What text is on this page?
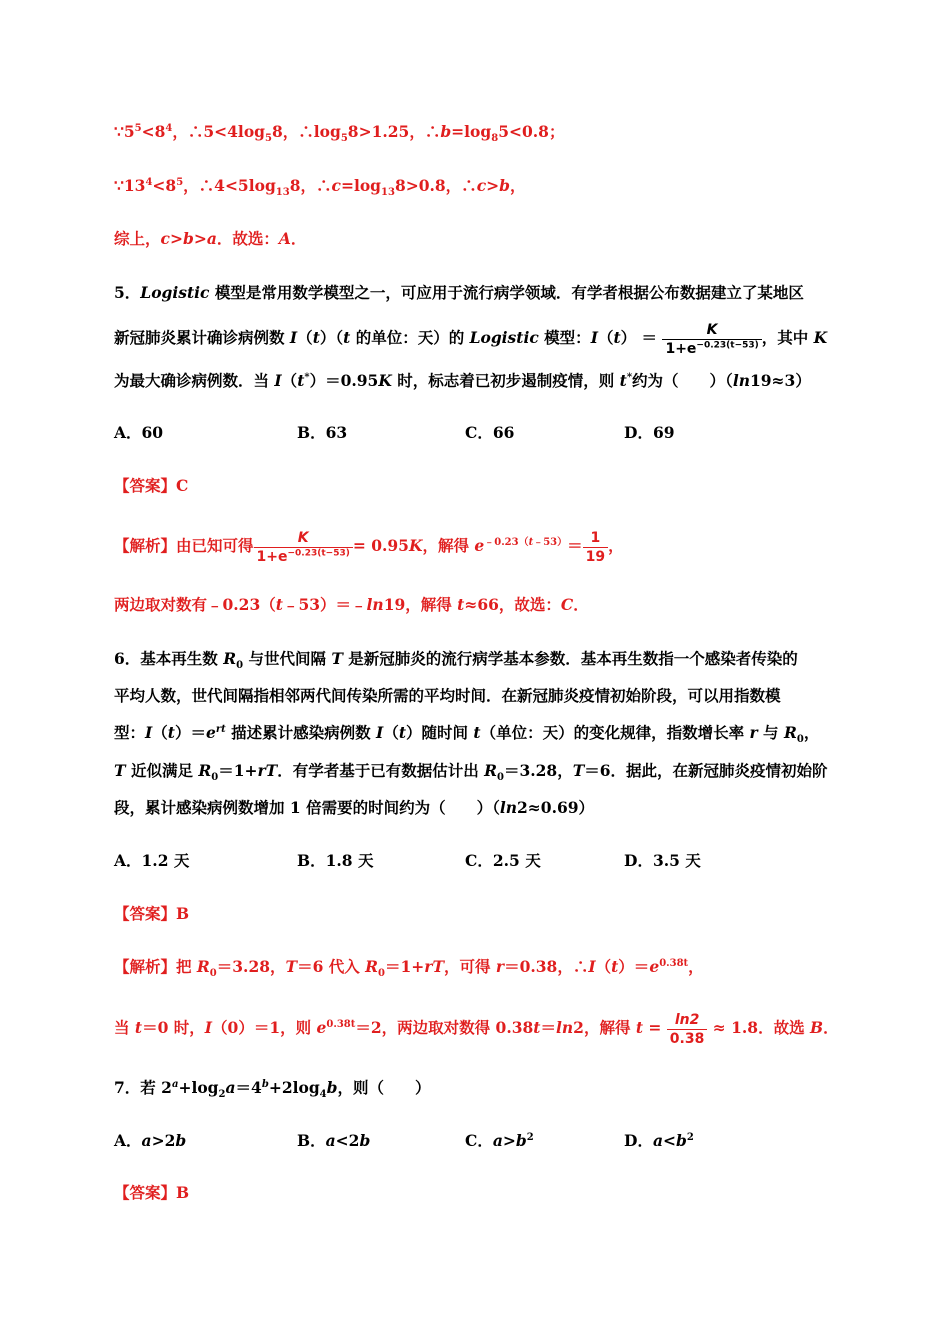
$\because 5^5<8^4$，$\therefore 5<4\log_58$，$\therefore\log_58>1.25$，$\therefore b=\log_85<0.8$；
$\because 13^4<8^5$，$\therefore 4<5\log_{13}8$，$\therefore c=\log_{13}8>0.8$，∴c>b，
综上，c>b>a．故选：A．
5．Logistic 模型是常用数学模型之一，可应用于流行病学领域．有学者根据公布数据建立了某地区
新冠肺炎累计确诊病例数 I（t）（t 的单位：天）的 Logistic 模型：$I(t) = \frac{K}{1+e^{-0.23(t-53)}}$ ，其中 K
为最大确诊病例数．当 I（t*）＝0.95K 时，标志着已初步遏制疫情，则 t*约为（　　）（ln19≈3）
A．60	B．63	C．66	D．69
【答案】C
【解析】由已知可得 $\frac{K}{1+e^{-0.23(t-53)}} = 0.95K$，解得 $e^{﹣0.23(t﹣53)}= \frac{1}{19}$ ，
两边取对数有﹣0.23（t﹣53）＝﹣ln19，解得 t≈66，故选：C．
6．基本再生数 $R_0$ 与世代间隔 T 是新冠肺炎的流行病学基本参数．基本再生数指一个感染者传染的
平均人数，世代间隔指相邻两代间传染所需的平均时间．在新冠肺炎疫情初始阶段，可以用指数模
型：$I(t)=e^{rt}$ 描述累计感染病例数 I（t）随时间 t（单位：天）的变化规律，指数增长率 r 与 $R_0$，
T 近似满足 $R_0=1+rT$．有学者基于已有数据估计出 $R_0=3.28$，T＝6．据此，在新冠肺炎疫情初始阶
段，累计感染病例数增加 1 倍需要的时间约为（　　）（ln2≈0.69）
A．1.2 天	B．1.8 天	C．2.5 天	D．3.5 天
【答案】B
【解析】把 $R_0=3.28$，T＝6 代入 $R_0=1+rT$，可得 r＝0.38，$\therefore I(t)=e^{0.38t}$，
当 t＝0 时，I（0）＝1，则 $e^{0.38t}=2$，两边取对数得 0.38t＝ln2，解得 $t = \frac{\ln 2}{0.38} \approx 1.8$．故选 B．
7．若 $2^a+\log_2a=4^b+2\log_4b$，则（　　）
A．a>2b	B．a<2b	C．$a>b^2$	D．$a<b^2$
【答案】B
